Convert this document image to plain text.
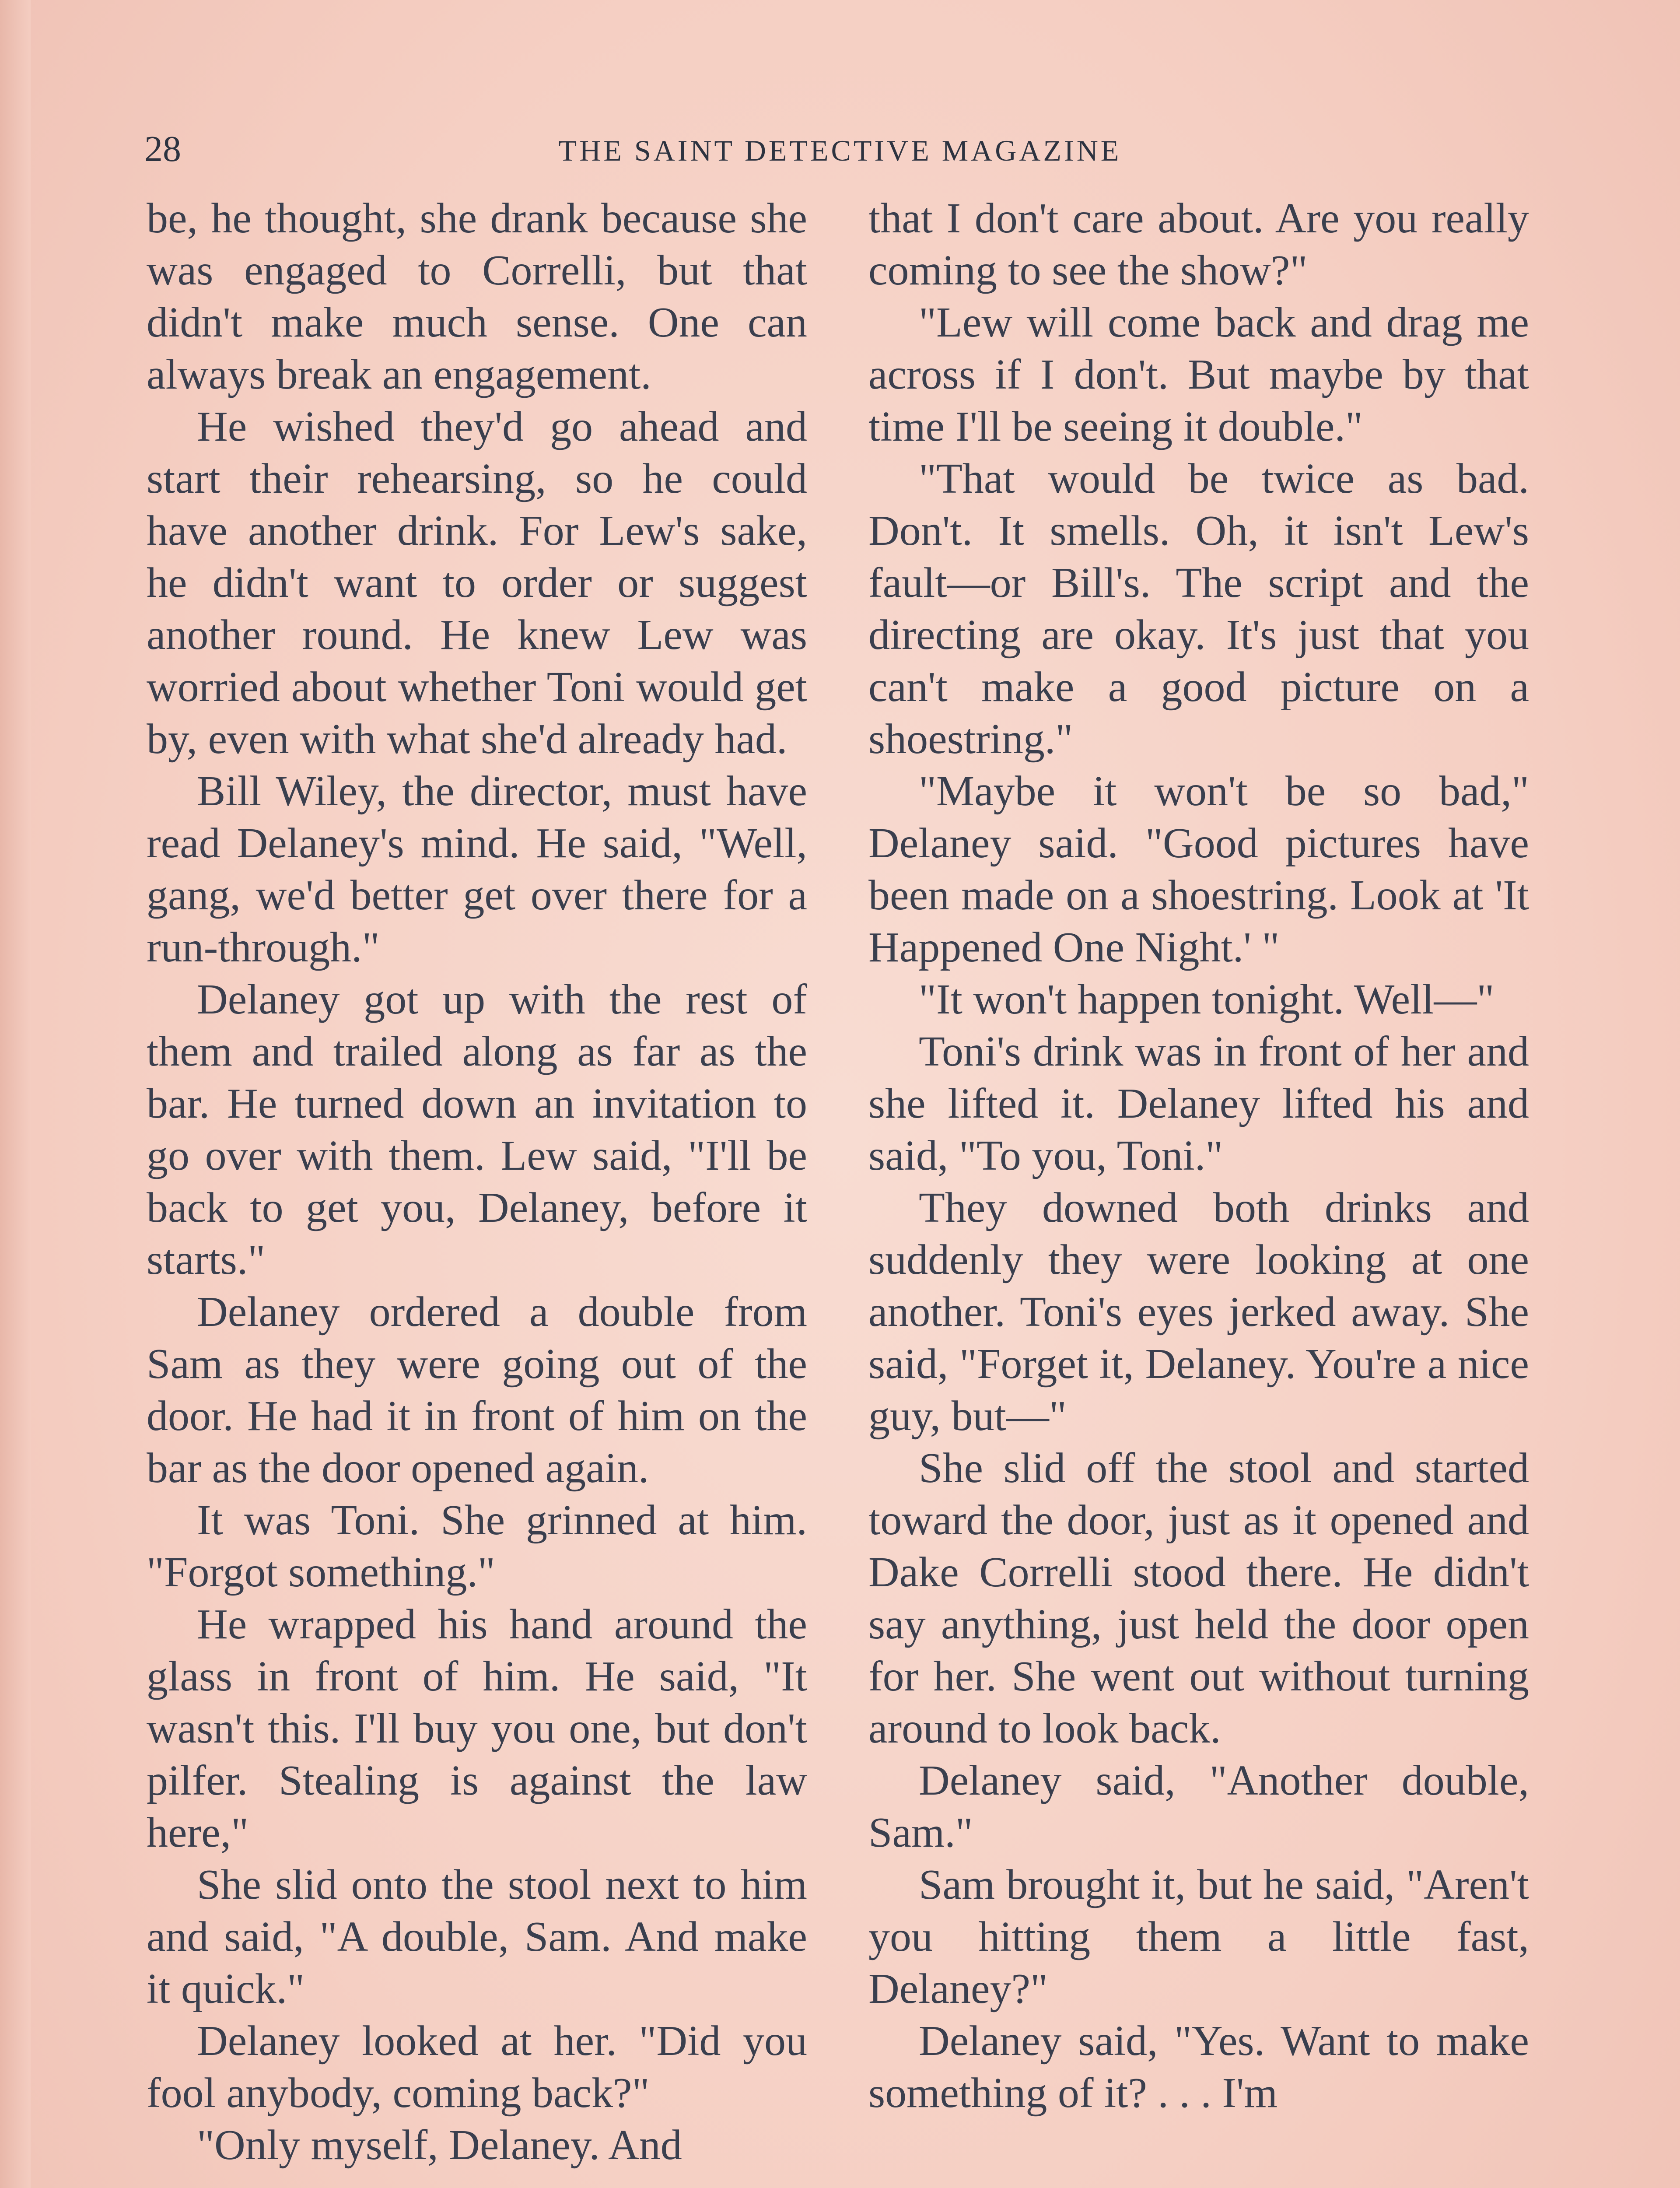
28	THE SAINT DETECTIVE MAGAZINE

be, he thought, she drank because she was engaged to Correlli, but that didn't make much sense. One can always break an engagement.

He wished they'd go ahead and start their rehearsing, so he could have another drink. For Lew's sake, he didn't want to order or suggest another round. He knew Lew was worried about whether Toni would get by, even with what she'd already had.

Bill Wiley, the director, must have read Delaney's mind. He said, "Well, gang, we'd better get over there for a run-through."

Delaney got up with the rest of them and trailed along as far as the bar. He turned down an invitation to go over with them. Lew said, "I'll be back to get you, Delaney, before it starts."

Delaney ordered a double from Sam as they were going out of the door. He had it in front of him on the bar as the door opened again.

It was Toni. She grinned at him. "Forgot something."

He wrapped his hand around the glass in front of him. He said, "It wasn't this. I'll buy you one, but don't pilfer. Stealing is against the law here,"

She slid onto the stool next to him and said, "A double, Sam. And make it quick."

Delaney looked at her. "Did you fool anybody, coming back?"

"Only myself, Delaney. And

that I don't care about. Are you really coming to see the show?"

"Lew will come back and drag me across if I don't. But maybe by that time I'll be seeing it double."

"That would be twice as bad. Don't. It smells. Oh, it isn't Lew's fault—or Bill's. The script and the directing are okay. It's just that you can't make a good picture on a shoestring."

"Maybe it won't be so bad," Delaney said. "Good pictures have been made on a shoestring. Look at 'It Happened One Night.' "

"It won't happen tonight. Well—"

Toni's drink was in front of her and she lifted it. Delaney lifted his and said, "To you, Toni."

They downed both drinks and suddenly they were looking at one another. Toni's eyes jerked away. She said, "Forget it, Delaney. You're a nice guy, but—"

She slid off the stool and started toward the door, just as it opened and Dake Correlli stood there. He didn't say anything, just held the door open for her. She went out without turning around to look back.

Delaney said, "Another double, Sam."

Sam brought it, but he said, "Aren't you hitting them a little fast, Delaney?"

Delaney said, "Yes. Want to make something of it? . . . I'm
